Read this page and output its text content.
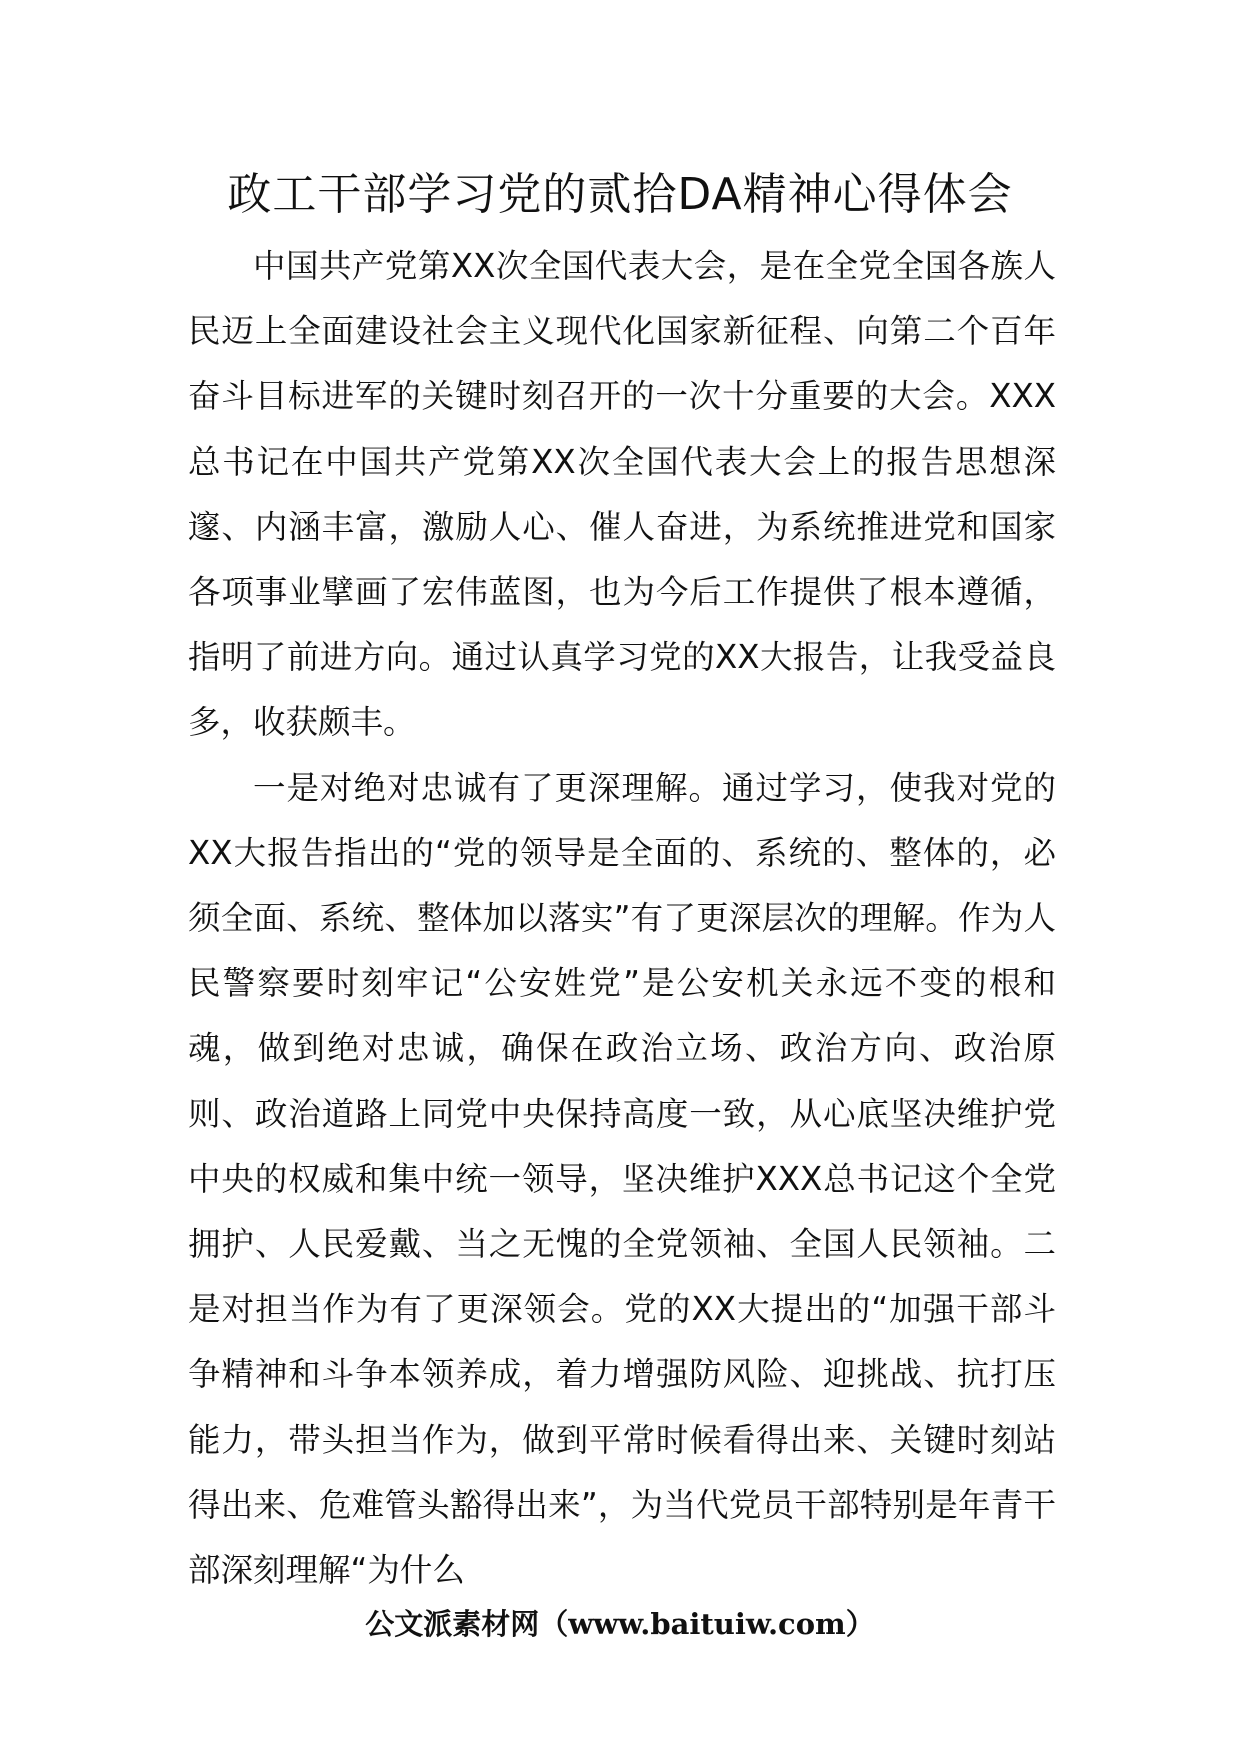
政工干部学习党的贰拾DA精神心得体会

中国共产党第XX次全国代表大会，是在全党全国各族人民迈上全面建设社会主义现代化国家新征程、向第二个百年奋斗目标进军的关键时刻召开的一次十分重要的大会。XXX总书记在中国共产党第XX次全国代表大会上的报告思想深邃、内涵丰富，激励人心、催人奋进，为系统推进党和国家各项事业擘画了宏伟蓝图，也为今后工作提供了根本遵循，指明了前进方向。通过认真学习党的XX大报告，让我受益良多，收获颇丰。

一是对绝对忠诚有了更深理解。通过学习，使我对党的XX大报告指出的“党的领导是全面的、系统的、整体的，必须全面、系统、整体加以落实”有了更深层次的理解。作为人民警察要时刻牢记“公安姓党”是公安机关永远不变的根和魂，做到绝对忠诚，确保在政治立场、政治方向、政治原则、政治道路上同党中央保持高度一致，从心底坚决维护党中央的权威和集中统一领导，坚决维护XXX总书记这个全党拥护、人民爱戴、当之无愧的全党领袖、全国人民领袖。二是对担当作为有了更深领会。党的XX大提出的“加强干部斗争精神和斗争本领养成，着力增强防风险、迎挑战、抗打压能力，带头担当作为，做到平常时候看得出来、关键时刻站得出来、危难管头豁得出来”，为当代党员干部特别是年青干部深刻理解“为什么

公文派素材网（www.baituiw.com）
